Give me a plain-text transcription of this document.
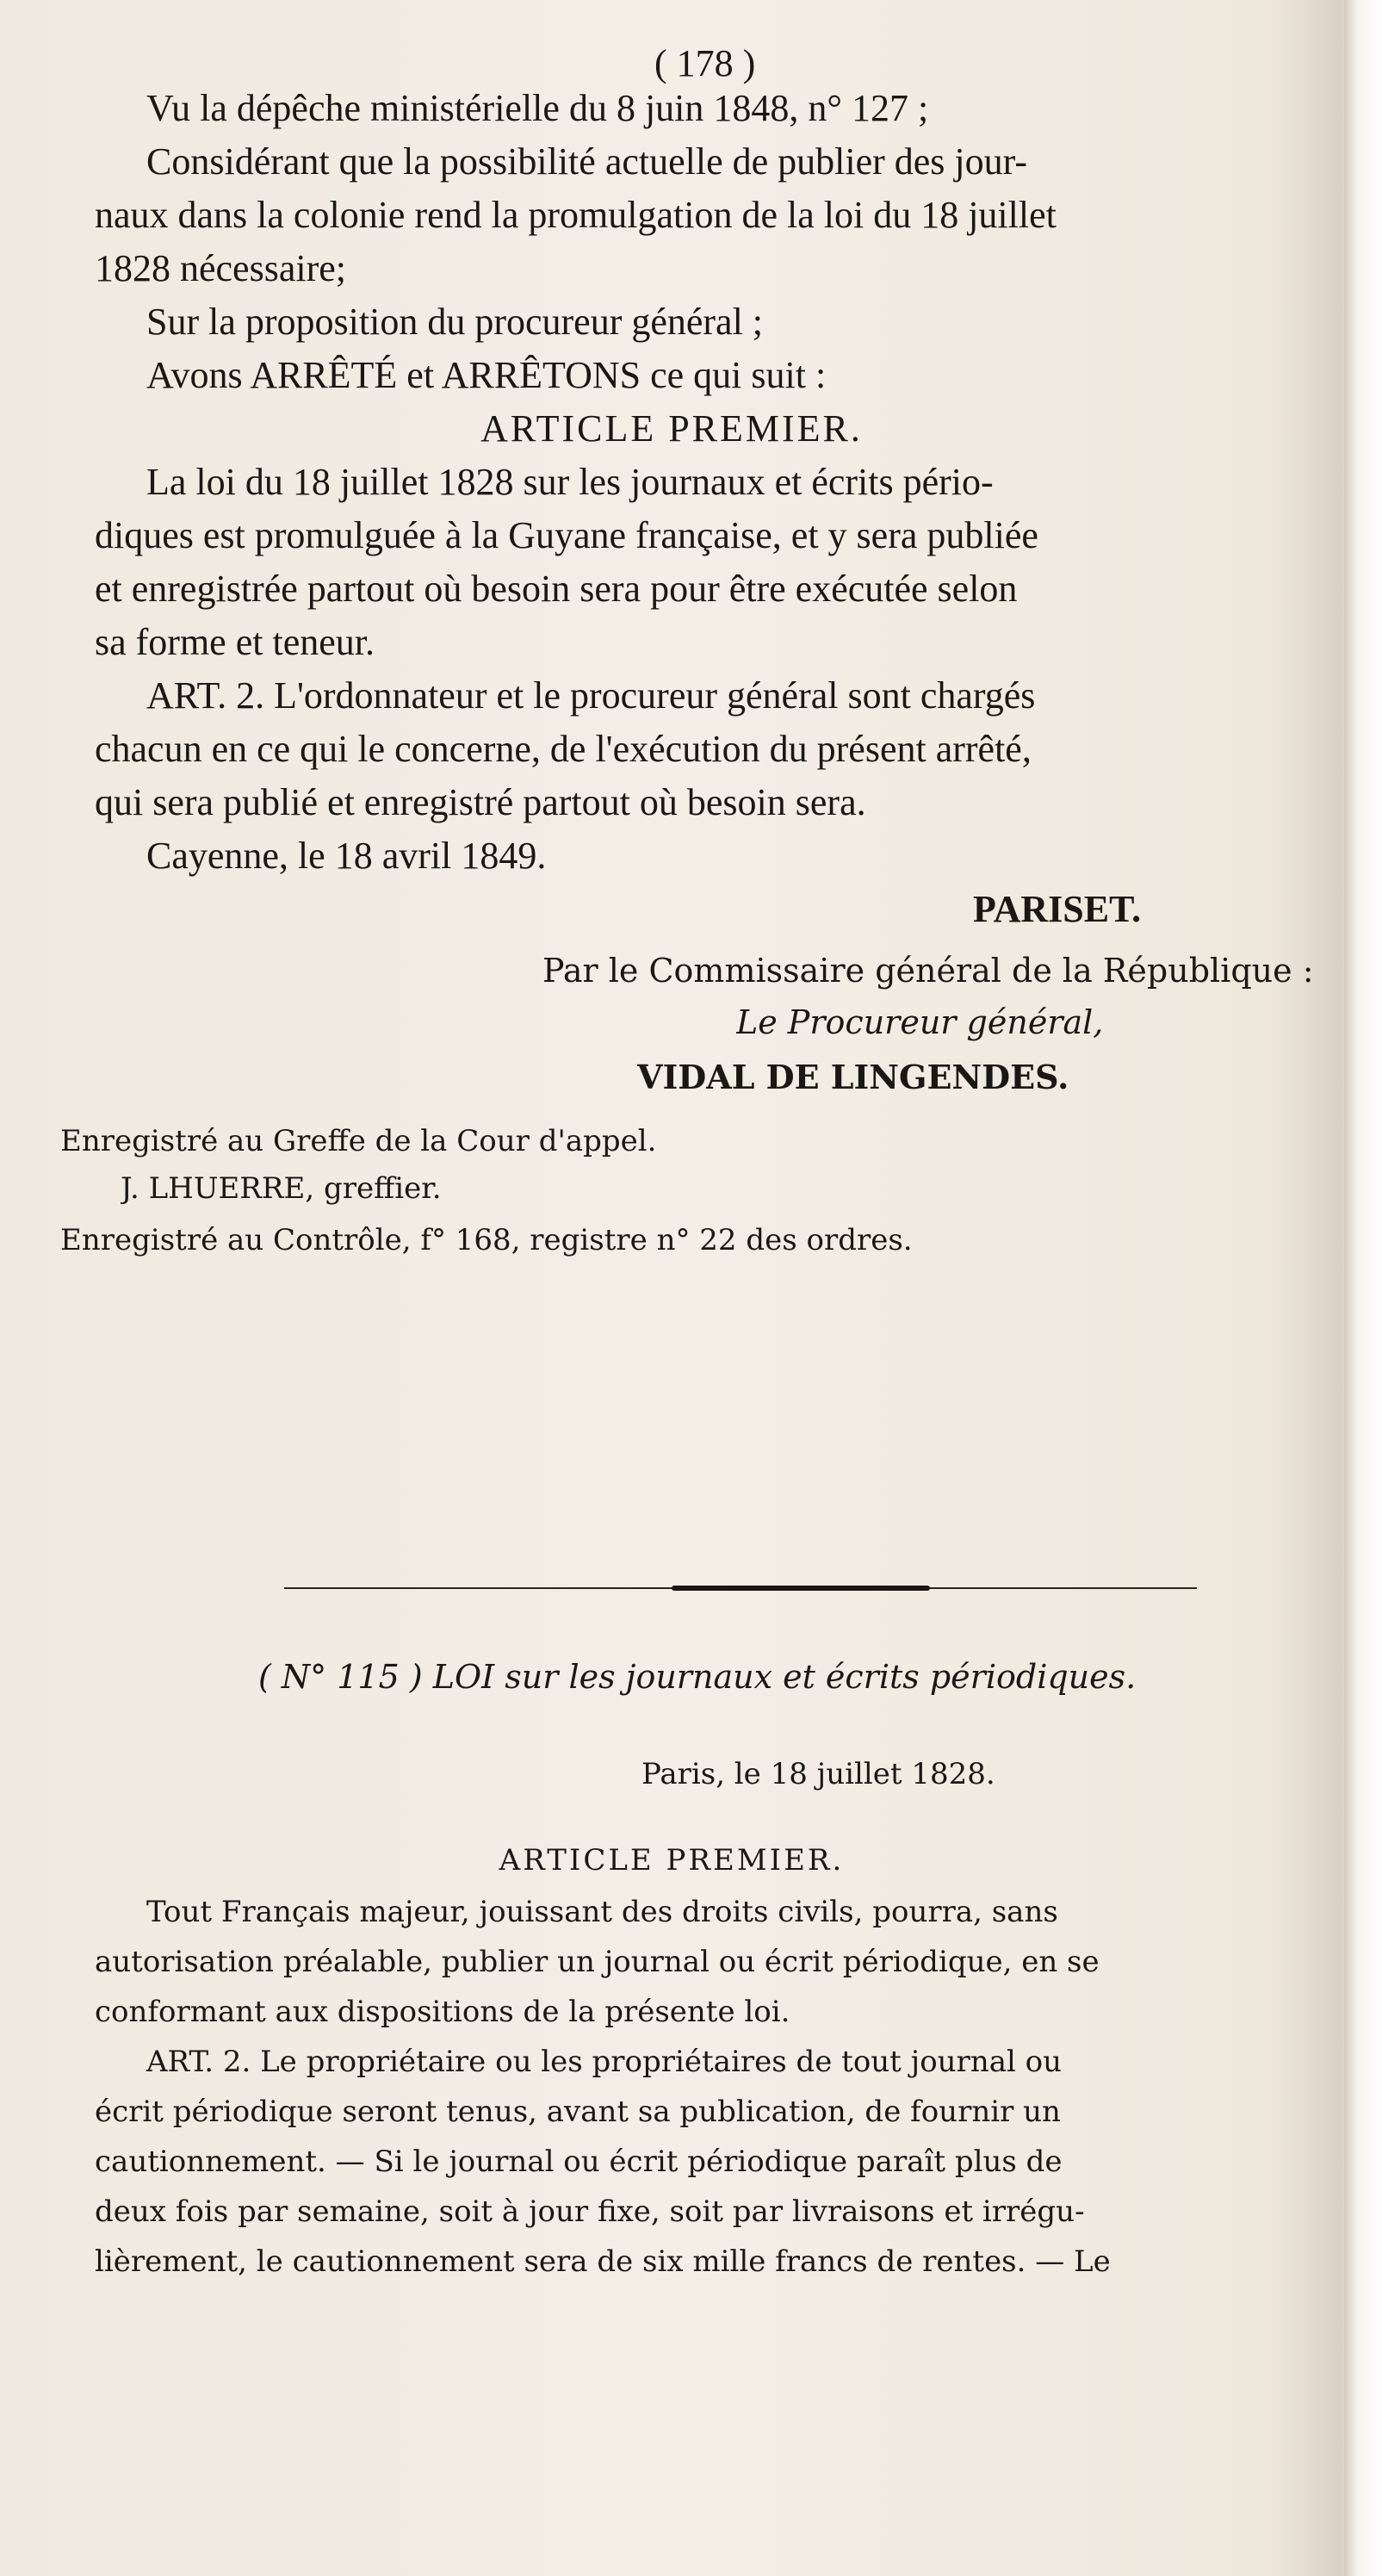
( 178 )
Vu la dépêche ministérielle du 8 juin 1848, n° 127 ;
Considérant que la possibilité actuelle de publier des jour-
naux dans la colonie rend la promulgation de la loi du 18 juillet
1828 nécessaire;
Sur la proposition du procureur général ;
Avons ARRÊTÉ et ARRÊTONS ce qui suit :
ARTICLE PREMIER.
La loi du 18 juillet 1828 sur les journaux et écrits pério-
diques est promulguée à la Guyane française, et y sera publiée
et enregistrée partout où besoin sera pour être exécutée selon
sa forme et teneur.
ART. 2. L'ordonnateur et le procureur général sont chargés
chacun en ce qui le concerne, de l'exécution du présent arrêté,
qui sera publié et enregistré partout où besoin sera.
Cayenne, le 18 avril 1849.
PARISET.
Par le Commissaire général de la République :
Le Procureur général,
VIDAL DE LINGENDES.
Enregistré au Greffe de la Cour d'appel.
J. LHUERRE, greffier.
Enregistré au Contrôle, f° 168, registre n° 22 des ordres.
( N° 115 ) LOI sur les journaux et écrits périodiques.
Paris, le 18 juillet 1828.
ARTICLE PREMIER.
Tout Français majeur, jouissant des droits civils, pourra, sans
autorisation préalable, publier un journal ou écrit périodique, en se
conformant aux dispositions de la présente loi.
ART. 2. Le propriétaire ou les propriétaires de tout journal ou
écrit périodique seront tenus, avant sa publication, de fournir un
cautionnement. — Si le journal ou écrit périodique paraît plus de
deux fois par semaine, soit à jour fixe, soit par livraisons et irrégu-
lièrement, le cautionnement sera de six mille francs de rentes. — Le
